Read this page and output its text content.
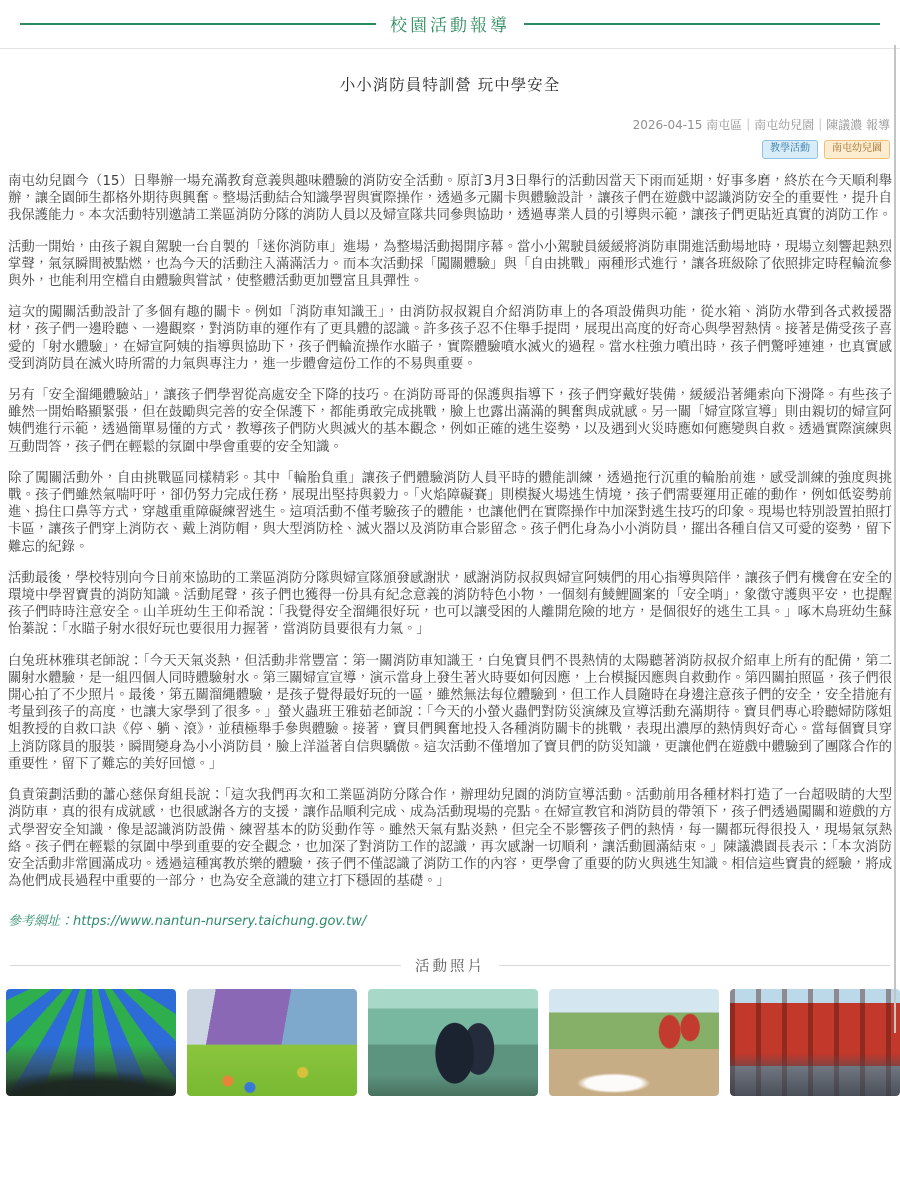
校園活動報導
小小消防員特訓營 玩中學安全
2026-04-15 南屯區｜南屯幼兒園｜陳議濃 報導
教學活動	南屯幼兒園

南屯幼兒園今（15）日舉辦一場充滿教育意義與趣味體驗的消防安全活動。原訂3月3日舉行的活動因當天下雨而延期，好事多磨，終於在今天順利舉辦，讓全園師生都格外期待與興奮。整場活動結合知識學習與實際操作，透過多元關卡與體驗設計，讓孩子們在遊戲中認識消防安全的重要性，提升自我保護能力。本次活動特別邀請工業區消防分隊的消防人員以及婦宣隊共同參與協助，透過專業人員的引導與示範，讓孩子們更貼近真實的消防工作。

活動一開始，由孩子親自駕駛一台自製的「迷你消防車」進場，為整場活動揭開序幕。當小小駕駛員緩緩將消防車開進活動場地時，現場立刻響起熱烈掌聲，氣氛瞬間被點燃，也為今天的活動注入滿滿活力。而本次活動採「闖關體驗」與「自由挑戰」兩種形式進行，讓各班級除了依照排定時程輪流參與外，也能利用空檔自由體驗與嘗試，使整體活動更加豐富且具彈性。

這次的闖關活動設計了多個有趣的關卡。例如「消防車知識王」，由消防叔叔親自介紹消防車上的各項設備與功能，從水箱、消防水帶到各式救援器材，孩子們一邊聆聽、一邊觀察，對消防車的運作有了更具體的認識。許多孩子忍不住舉手提問，展現出高度的好奇心與學習熱情。接著是備受孩子喜愛的「射水體驗」，在婦宣阿姨的指導與協助下，孩子們輪流操作水瞄子，實際體驗噴水滅火的過程。當水柱強力噴出時，孩子們驚呼連連，也真實感受到消防員在滅火時所需的力氣與專注力，進一步體會這份工作的不易與重要。

另有「安全溜繩體驗站」，讓孩子們學習從高處安全下降的技巧。在消防哥哥的保護與指導下，孩子們穿戴好裝備，緩緩沿著繩索向下滑降。有些孩子雖然一開始略顯緊張，但在鼓勵與完善的安全保護下，都能勇敢完成挑戰，臉上也露出滿滿的興奮與成就感。另一關「婦宣隊宣導」則由親切的婦宣阿姨們進行示範，透過簡單易懂的方式，教導孩子們防火與滅火的基本觀念，例如正確的逃生姿勢，以及遇到火災時應如何應變與自救。透過實際演練與互動問答，孩子們在輕鬆的氛圍中學會重要的安全知識。

除了闖關活動外，自由挑戰區同樣精彩。其中「輪胎負重」讓孩子們體驗消防人員平時的體能訓練，透過拖行沉重的輪胎前進，感受訓練的強度與挑戰。孩子們雖然氣喘吁吁，卻仍努力完成任務，展現出堅持與毅力。「火焰障礙賽」則模擬火場逃生情境，孩子們需要運用正確的動作，例如低姿勢前進、摀住口鼻等方式，穿越重重障礙練習逃生。這項活動不僅考驗孩子的體能，也讓他們在實際操作中加深對逃生技巧的印象。現場也特別設置拍照打卡區，讓孩子們穿上消防衣、戴上消防帽，與大型消防栓、滅火器以及消防車合影留念。孩子們化身為小小消防員，擺出各種自信又可愛的姿勢，留下難忘的紀錄。

活動最後，學校特別向今日前來協助的工業區消防分隊與婦宣隊頒發感謝狀，感謝消防叔叔與婦宣阿姨們的用心指導與陪伴，讓孩子們有機會在安全的環境中學習寶貴的消防知識。活動尾聲，孩子們也獲得一份具有紀念意義的消防特色小物，一個刻有鯪鯉圖案的「安全哨」，象徵守護與平安，也提醒孩子們時時注意安全。山羊班幼生王仰希說：「我覺得安全溜繩很好玩，也可以讓受困的人離開危險的地方，是個很好的逃生工具。」啄木鳥班幼生蘇怡蓁說：「水瞄子射水很好玩也要很用力握著，當消防員要很有力氣。」

白兔班林雅琪老師說：「今天天氣炎熱，但活動非常豐富：第一關消防車知識王，白兔寶貝們不畏熱情的太陽聽著消防叔叔介紹車上所有的配備，第二關射水體驗，是一組四個人同時體驗射水。第三關婦宣宣導，演示當身上發生著火時要如何因應，上台模擬因應與自救動作。第四關拍照區，孩子們很開心拍了不少照片。最後，第五關溜繩體驗，是孩子覺得最好玩的一區，雖然無法每位體驗到，但工作人員隨時在身邊注意孩子們的安全，安全措施有考量到孩子的高度，也讓大家學到了很多。」螢火蟲班王雅茹老師說：「今天的小螢火蟲們對防災演練及宣導活動充滿期待。寶貝們專心聆聽婦防隊姐姐教授的自救口訣《停、躺、滾》，並積極舉手參與體驗。接著，寶貝們興奮地投入各種消防關卡的挑戰，表現出濃厚的熱情與好奇心。當每個寶貝穿上消防隊員的服裝，瞬間變身為小小消防員，臉上洋溢著自信與驕傲。這次活動不僅增加了寶貝們的防災知識，更讓他們在遊戲中體驗到了團隊合作的重要性，留下了難忘的美好回憶。」

負責策劃活動的蕭心慈保育組長說：「這次我們再次和工業區消防分隊合作，辦理幼兒園的消防宣導活動。活動前用各種材料打造了一台超吸睛的大型消防車，真的很有成就感，也很感謝各方的支援，讓作品順利完成、成為活動現場的亮點。在婦宣教官和消防員的帶領下，孩子們透過闖關和遊戲的方式學習安全知識，像是認識消防設備、練習基本的防災動作等。雖然天氣有點炎熱，但完全不影響孩子們的熱情，每一關都玩得很投入，現場氣氛熱絡。孩子們在輕鬆的氛圍中學到重要的安全觀念，也加深了對消防工作的認識，再次感謝一切順利，讓活動圓滿結束。」陳議濃園長表示：「本次消防安全活動非常圓滿成功。透過這種寓教於樂的體驗，孩子們不僅認識了消防工作的內容，更學會了重要的防火與逃生知識。相信這些寶貴的經驗，將成為他們成長過程中重要的一部分，也為安全意識的建立打下穩固的基礎。」

參考網址：https://www.nantun-nursery.taichung.gov.tw/
活動照片
